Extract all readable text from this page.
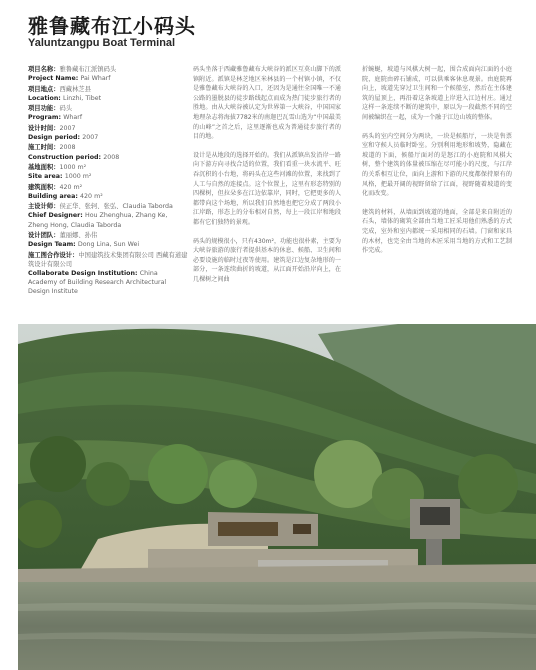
雅鲁藏布江小码头
Yaluntzangpu Boat Terminal
项目名称：雅鲁藏布江派镇码头
Project Name: Pai Wharf
项目地点：西藏林芝县
Location: Linzhi, Tibet
项目功能：码头
Program: Wharf
设计时间：2007
Design period: 2007
施工时间：2008
Construction period: 2008
基地面积：1000 m²
Site area: 1000 m²
建筑面积：420 m²
Building area: 420 m²
主设计师：侯正华、张轲、张弘、Claudia Taborda
Chief Designer: Hou Zhenghua, Zhang Ke, Zheng Hong, Claudia Taborda
设计团队：董丽娜、孙伟
Design Team: Dong Lina, Sun Wei
施工图合作设计：中国建筑技术集团有限公司 西藏有道建筑设计有限公司
Collaborate Design Institution: China Academy of Building Research Architectural Design Institute

码头坐落于西藏雅鲁藏布大峡谷的派区互莫山脚下的派镇附近。派镇是林芝地区米林县的一个村镇小镇，不仅是雅鲁藏布大峡谷的入口，还因为是通往全国唯一不通公路的墨脱县的徒步路线起点而成为热门徒步旅行者的胜地。由从大峡谷被认定为世界第一大峡谷，中国国家地理杂志将海拔7782米的南迦巴瓦雪山选为“中国最美的山峰”之首之后，这里逐渐也成为普通徒步旅行者的目的地。

设计是从地段的选择开始的。我们从派镇出发沿岸一路向下游方向寻找合适的位置，我们看重一块水流平、旺吞沉积的小台地，将码头在这些河滩的位置，来找到了人工与自然的连接点。这个位置上，这里有形态特别的四棵树，但拉朵多在江边依靠岸，同时，它把更多的人都带向这个场地，所以我们自然地也把它分成了两段小江岸路，形态上的分布相对自然，每上一段江岸和地段都有它们独特的景观。

码头的规模很小，只有430m²，功能也很朴素，主要为大峡谷旅游的旅行者提供基本的休息、候船、卫生间和必要设施的临时过夜等使用。建筑是江边复杂地形的一部分，一条连续曲折的坡道，从江面开始沿岸向上，在几棵树之间曲

折蜿蜒，坡道与风棋大树一起，围合成面向江面的小庭院，庭院由碎石铺成，可以供乘客休息观景。由庭院再向上，坡道先穿过卫生间和一个候船室，然后在主体建筑的屋顶上，再沿着这条坡道上岸进入江边村庄。通过这样一条连续不断的建筑中，原以为一段截然不同的空间被编织在一起，成为一个融于江边山坡的整体。

码头的室内空间分为两块，一块是候船厅，一块是售票室和守候人员临时卧室。分别利用地形和坡势，隐藏在坡道的下面，候船厅面对的是怒江的小庭院和风棋大树，整个建筑的体量被压缩在尽可能小的尺度，与江岸的关系相互让位，面向上游和下游的尺度都保持原有的风格，把最开阔的视野留给了江面，视野随着坡道的变化而改变。

建筑的材料，从墙面到坡道的地面，全部是来自附近的石头，墙体的砌筑全部由当地工匠采用他们熟悉的方式完成，室外和室内都统一采用相同的石墙。门窗和家具的木材，也完全由当地的木匠采用当地的方式和工艺制作完成。
